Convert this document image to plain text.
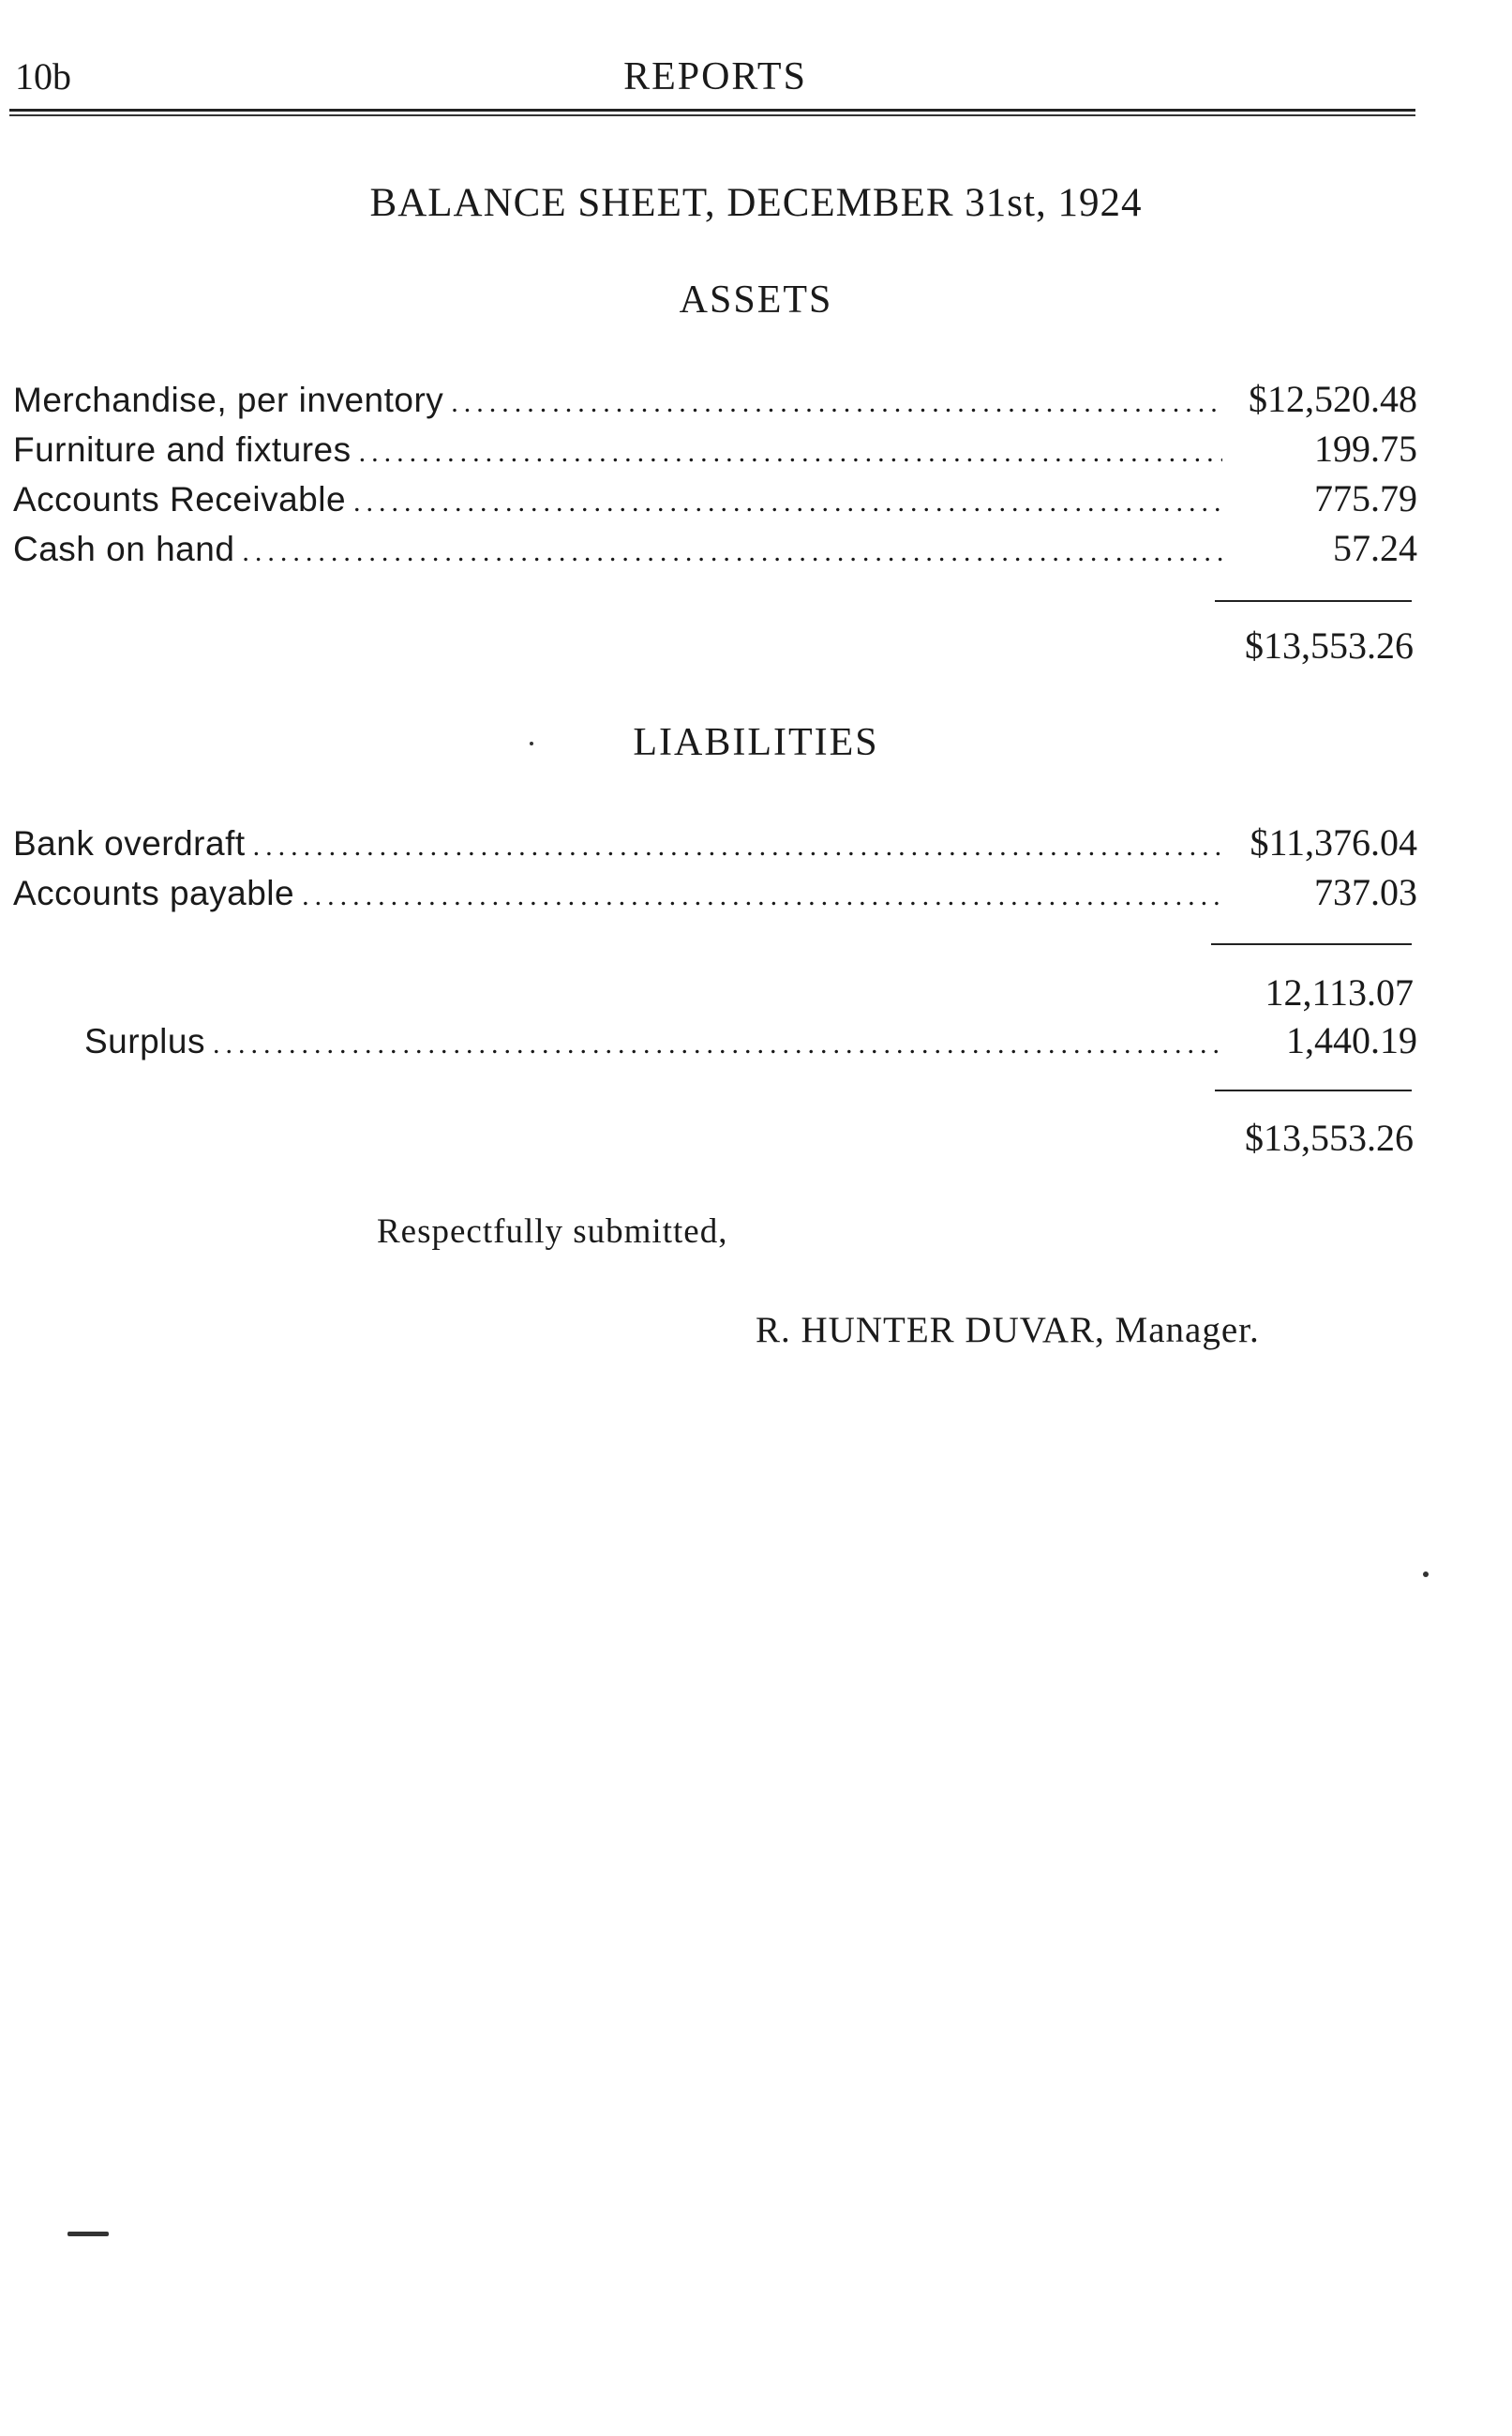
10b	REPORTS
BALANCE SHEET, DECEMBER 31st, 1924
ASSETS
Merchandise, per inventory .....	$12,520.48
Furniture and fixtures .....	199.75
Accounts Receivable .....	775.79
Cash on hand .....	57.24
$13,553.26
LIABILITIES
Bank overdraft .....	$11,376.04
Accounts payable .....	737.03
12,113.07
Surplus .....	1,440.19
$13,553.26
Respectfully submitted,
R. HUNTER DUVAR, Manager.
